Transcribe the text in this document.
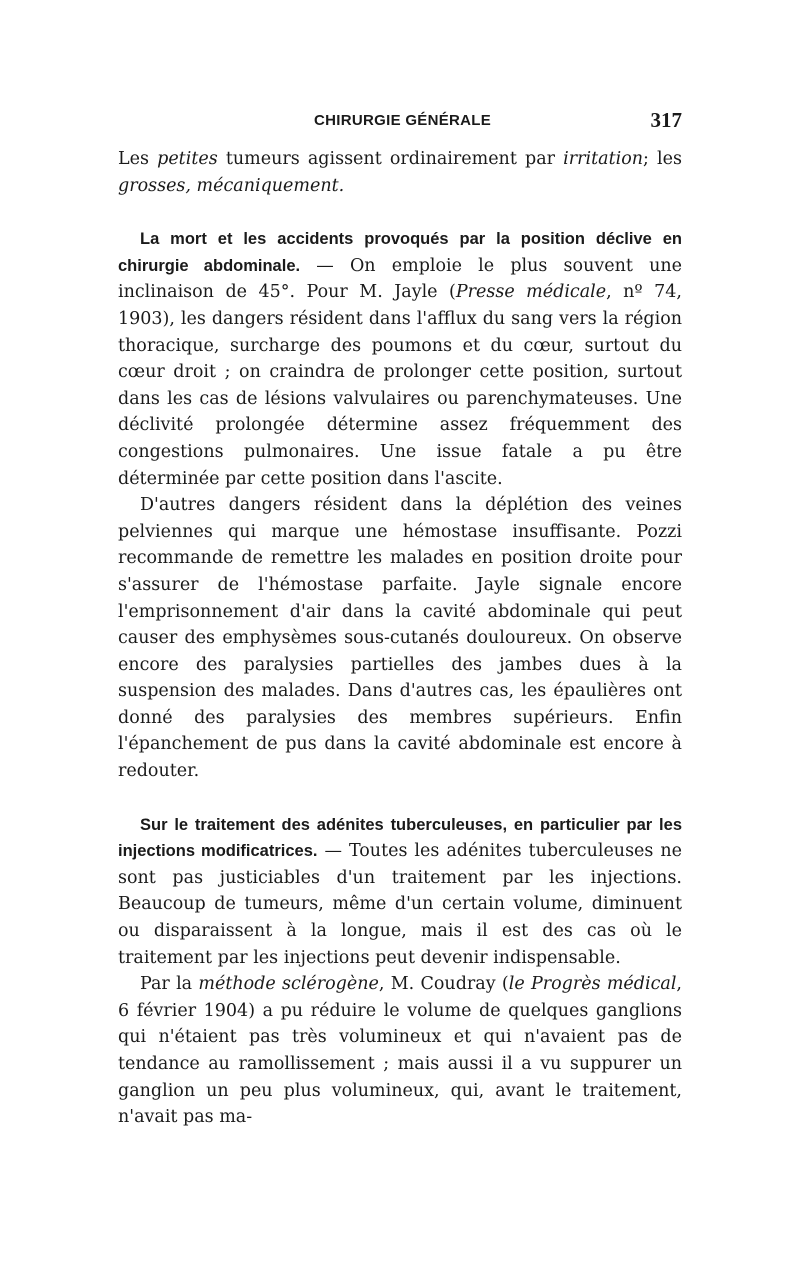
CHIRURGIE GÉNÉRALE	317

Les petites tumeurs agissent ordinairement par irritation; les grosses, mécaniquement.

La mort et les accidents provoqués par la position déclive en chirurgie abdominale. — On emploie le plus souvent une inclinaison de 45°. Pour M. Jayle (Presse médicale, nº 74, 1903), les dangers résident dans l'afflux du sang vers la région thoracique, surcharge des poumons et du cœur, surtout du cœur droit ; on craindra de prolonger cette position, surtout dans les cas de lésions valvulaires ou parenchymateuses. Une déclivité prolongée détermine assez fréquemment des congestions pulmonaires. Une issue fatale a pu être déterminée par cette position dans l'ascite.

D'autres dangers résident dans la déplétion des veines pelviennes qui marque une hémostase insuffisante. Pozzi recommande de remettre les malades en position droite pour s'assurer de l'hémostase parfaite. Jayle signale encore l'emprisonnement d'air dans la cavité abdominale qui peut causer des emphysèmes sous-cutanés douloureux. On observe encore des paralysies partielles des jambes dues à la suspension des malades. Dans d'autres cas, les épaulières ont donné des paralysies des membres supérieurs. Enfin l'épanchement de pus dans la cavité abdominale est encore à redouter.

Sur le traitement des adénites tuberculeuses, en particulier par les injections modificatrices. — Toutes les adénites tuberculeuses ne sont pas justiciables d'un traitement par les injections. Beaucoup de tumeurs, même d'un certain volume, diminuent ou disparaissent à la longue, mais il est des cas où le traitement par les injections peut devenir indispensable.

Par la méthode sclérogène, M. Coudray (le Progrès médical, 6 février 1904) a pu réduire le volume de quelques ganglions qui n'étaient pas très volumineux et qui n'avaient pas de tendance au ramollissement ; mais aussi il a vu suppurer un ganglion un peu plus volumineux, qui, avant le traitement, n'avait pas ma-
